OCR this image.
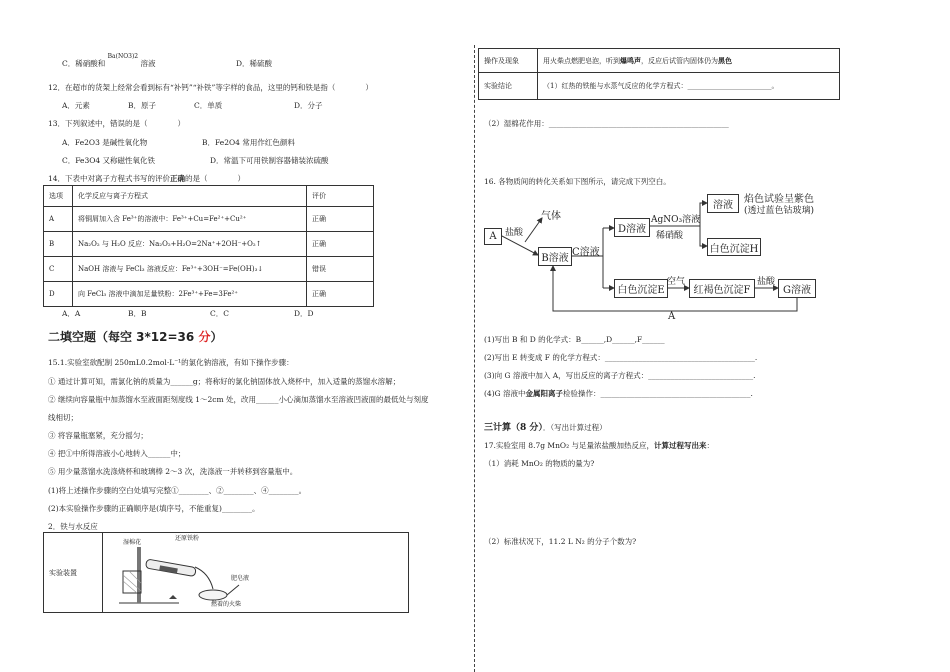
C．稀硝酸和 $^{Ba(NO3)2}$ 溶液	D．稀硫酸
12．在超市的货架上经常会看到标有“补钙”“补铁”等字样的食品，这里的钙和铁是指（　　　　）
A．元素	B．原子	C．单质	D．分子
13．下列叙述中，错误的是（　　　　）
A．Fe2O3 是碱性氧化物	B．Fe2O4 常用作红色颜料
C．Fe3O4 又称磁性氧化铁	D．常温下可用铁制容器储装浓硫酸
14．下表中对离子方程式书写的评价正确的是（　　　　）
选项	化学反应与离子方程式	评价
A	将铜屑加入含 Fe³⁺的溶液中：Fe³⁺+Cu=Fe²⁺+Cu²⁺	正确
B	Na₂O₂ 与 H₂O 反应：Na₂O₂+H₂O=2Na⁺+2OH⁻+O₂↑	正确
C	NaOH 溶液与 FeCl₃ 溶液反应：Fe³⁺+3OH⁻=Fe(OH)₃↓	错误
D	向 FeCl₃ 溶液中滴加足量铁粉：2Fe³⁺+Fe=3Fe²⁺	正确
A．A	B．B	C．C	D．D
二填空题（每空 3*12=36 分）
15.1.实验室欲配制 250mL0.2mol·L⁻¹的氯化钠溶液，有如下操作步骤：
① 通过计算可知，需氯化钠的质量为______g；将称好的氯化钠固体放入烧杯中，加入适量的蒸馏水溶解；
② 继续向容量瓶中加蒸馏水至液面距刻度线 1～2cm 处，改用______小心滴加蒸馏水至溶液凹液面的最低处与刻度
线相切；
③ 将容量瓶塞紧，充分摇匀；
④ 把①中所得溶液小心地转入______中；
⑤ 用少量蒸馏水洗涤烧杯和玻璃棒 2～3 次，洗涤液一并转移到容量瓶中。
(1)将上述操作步骤的空白处填写完整①________、②________、④________。
(2)本实验操作步骤的正确顺序是(填序号，不能重复)________。
2．铁与水反应
实验装置	
湿棉花
还原铁粉
肥皂液
燃着的火柴
操作及现象	用火柴点燃肥皂泡，听到爆鸣声，反应后试管内固体仍为黑色
实验结论	（1）红热的铁能与水蒸气反应的化学方程式：________________________。
（2）湿棉花作用：________________________________________________
16. 各物质间的转化关系如下图所示，请完成下列空白。
A 盐酸
气体
B溶液
C溶液
D溶液
AgNO₃溶液
稀硝酸
溶液
焰色试验呈紫色
(透过蓝色钴玻璃)
白色沉淀H
白色沉淀E
空气
红褐色沉淀F
盐酸
G溶液
A
(1)写出 B 和 D 的化学式：B______,D______,F______
(2)写出 E 转变成 F 的化学方程式：________________________________________.
(3)向 G 溶液中加入 A，写出反应的离子方程式：____________________________.
(4)G 溶液中金属阳离子检验操作：________________________________________.
三计算（8 分）．（写出计算过程）
17.实验室用 8.7g MnO₂ 与足量浓盐酸加热反应，计算过程写出来：
（1）消耗 MnO₂ 的物质的量为?
（2）标准状况下，11.2 L N₂ 的分子个数为?
